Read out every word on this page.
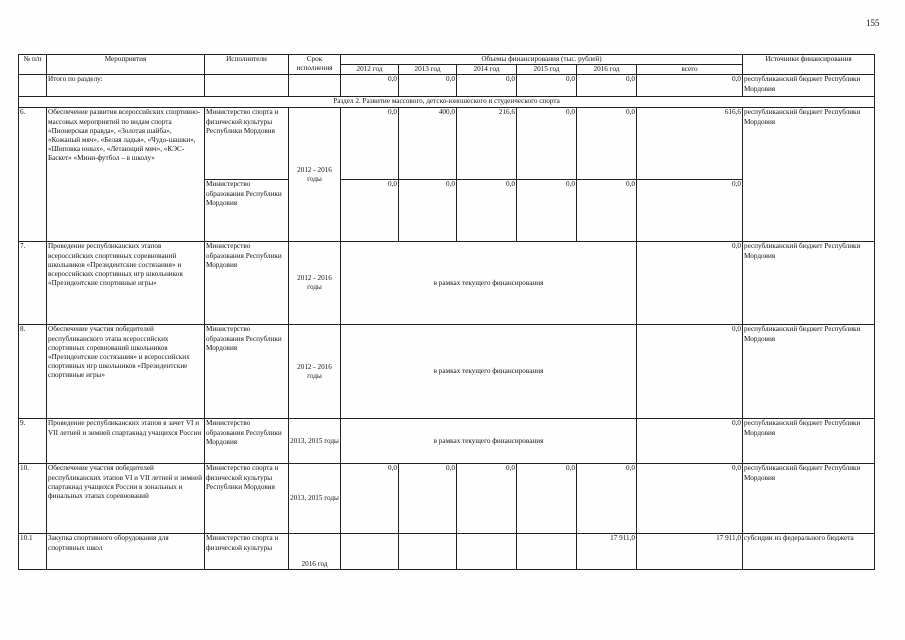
155
№ п/п	Мероприятия	Исполнители	Срок исполнения	Объемы финансирования (тыс. рублей)						Источники финансирования
				2012 год	2013 год	2014 год	2015 год	2016 год	всего	
	Итого по разделу:			0,0	0,0	0,0	0,0	0,0	0,0	республиканский бюджет Республики Мордовия
Раздел 2. Развитие массового, детско-юношеского и студенческого спорта										
6.	Обеспечение развития всероссийских спортивно-массовых мероприятий по видам спорта «Пионерская правда», «Золотая шайба», «Кожаный мяч», «Белая ладья», «Чудо-шашки», «Шиповка юных», «Летающий мяч», «КЭС-Баскет» «Мини-футбол – в школу»	Министерство спорта и физической культуры Республики Мордовия	2012 - 2016 годы	0,0	400,0	216,6	0,0	0,0	616,6	республиканский бюджет Республики Мордовия
		Министерство образования Республики Мордовия		0,0	0,0	0,0	0,0	0,0	0,0	
7.	Проведение республиканских этапов всероссийских спортивных соревнований школьников «Президентские состязания» и всероссийских спортивных игр школьников «Президентские спортивные игры»	Министерство образования Республики Мордовия	2012 - 2016 годы	в рамках текущего финансирования					0,0	республиканский бюджет Республики Мордовия
8.	Обеспечение участия победителей республиканского этапа всероссийских спортивных соревнований школьников «Президентские состязания» и всероссийских спортивных игр школьников «Президентские спортивные игры»	Министерство образования Республики Мордовия	2012 - 2016 годы	в рамках текущего финансирования					0,0	республиканский бюджет Республики Мордовия
9.	Проведение республиканских этапов в зачет VI и VII летней и зимней спартакиад учащихся России	Министерство образования Республики Мордовия	2013, 2015 годы	в рамках текущего финансирования					0,0	республиканский бюджет Республики Мордовия
10.	Обеспечение участия победителей республиканских этапов VI и VII летней и зимней спартакиад учащихся России в зональных и финальных этапах соревнований	Министерство спорта и физической культуры Республики Мордовия	2013, 2015 годы	0,0	0,0	0,0	0,0	0,0	0,0	республиканский бюджет Республики Мордовия
10.1	Закупка спортивного оборудования для спортивных школ	Министерство спорта и физической культуры	2016 год					17 911,0	17 911,0	субсидии из федерального бюджета
